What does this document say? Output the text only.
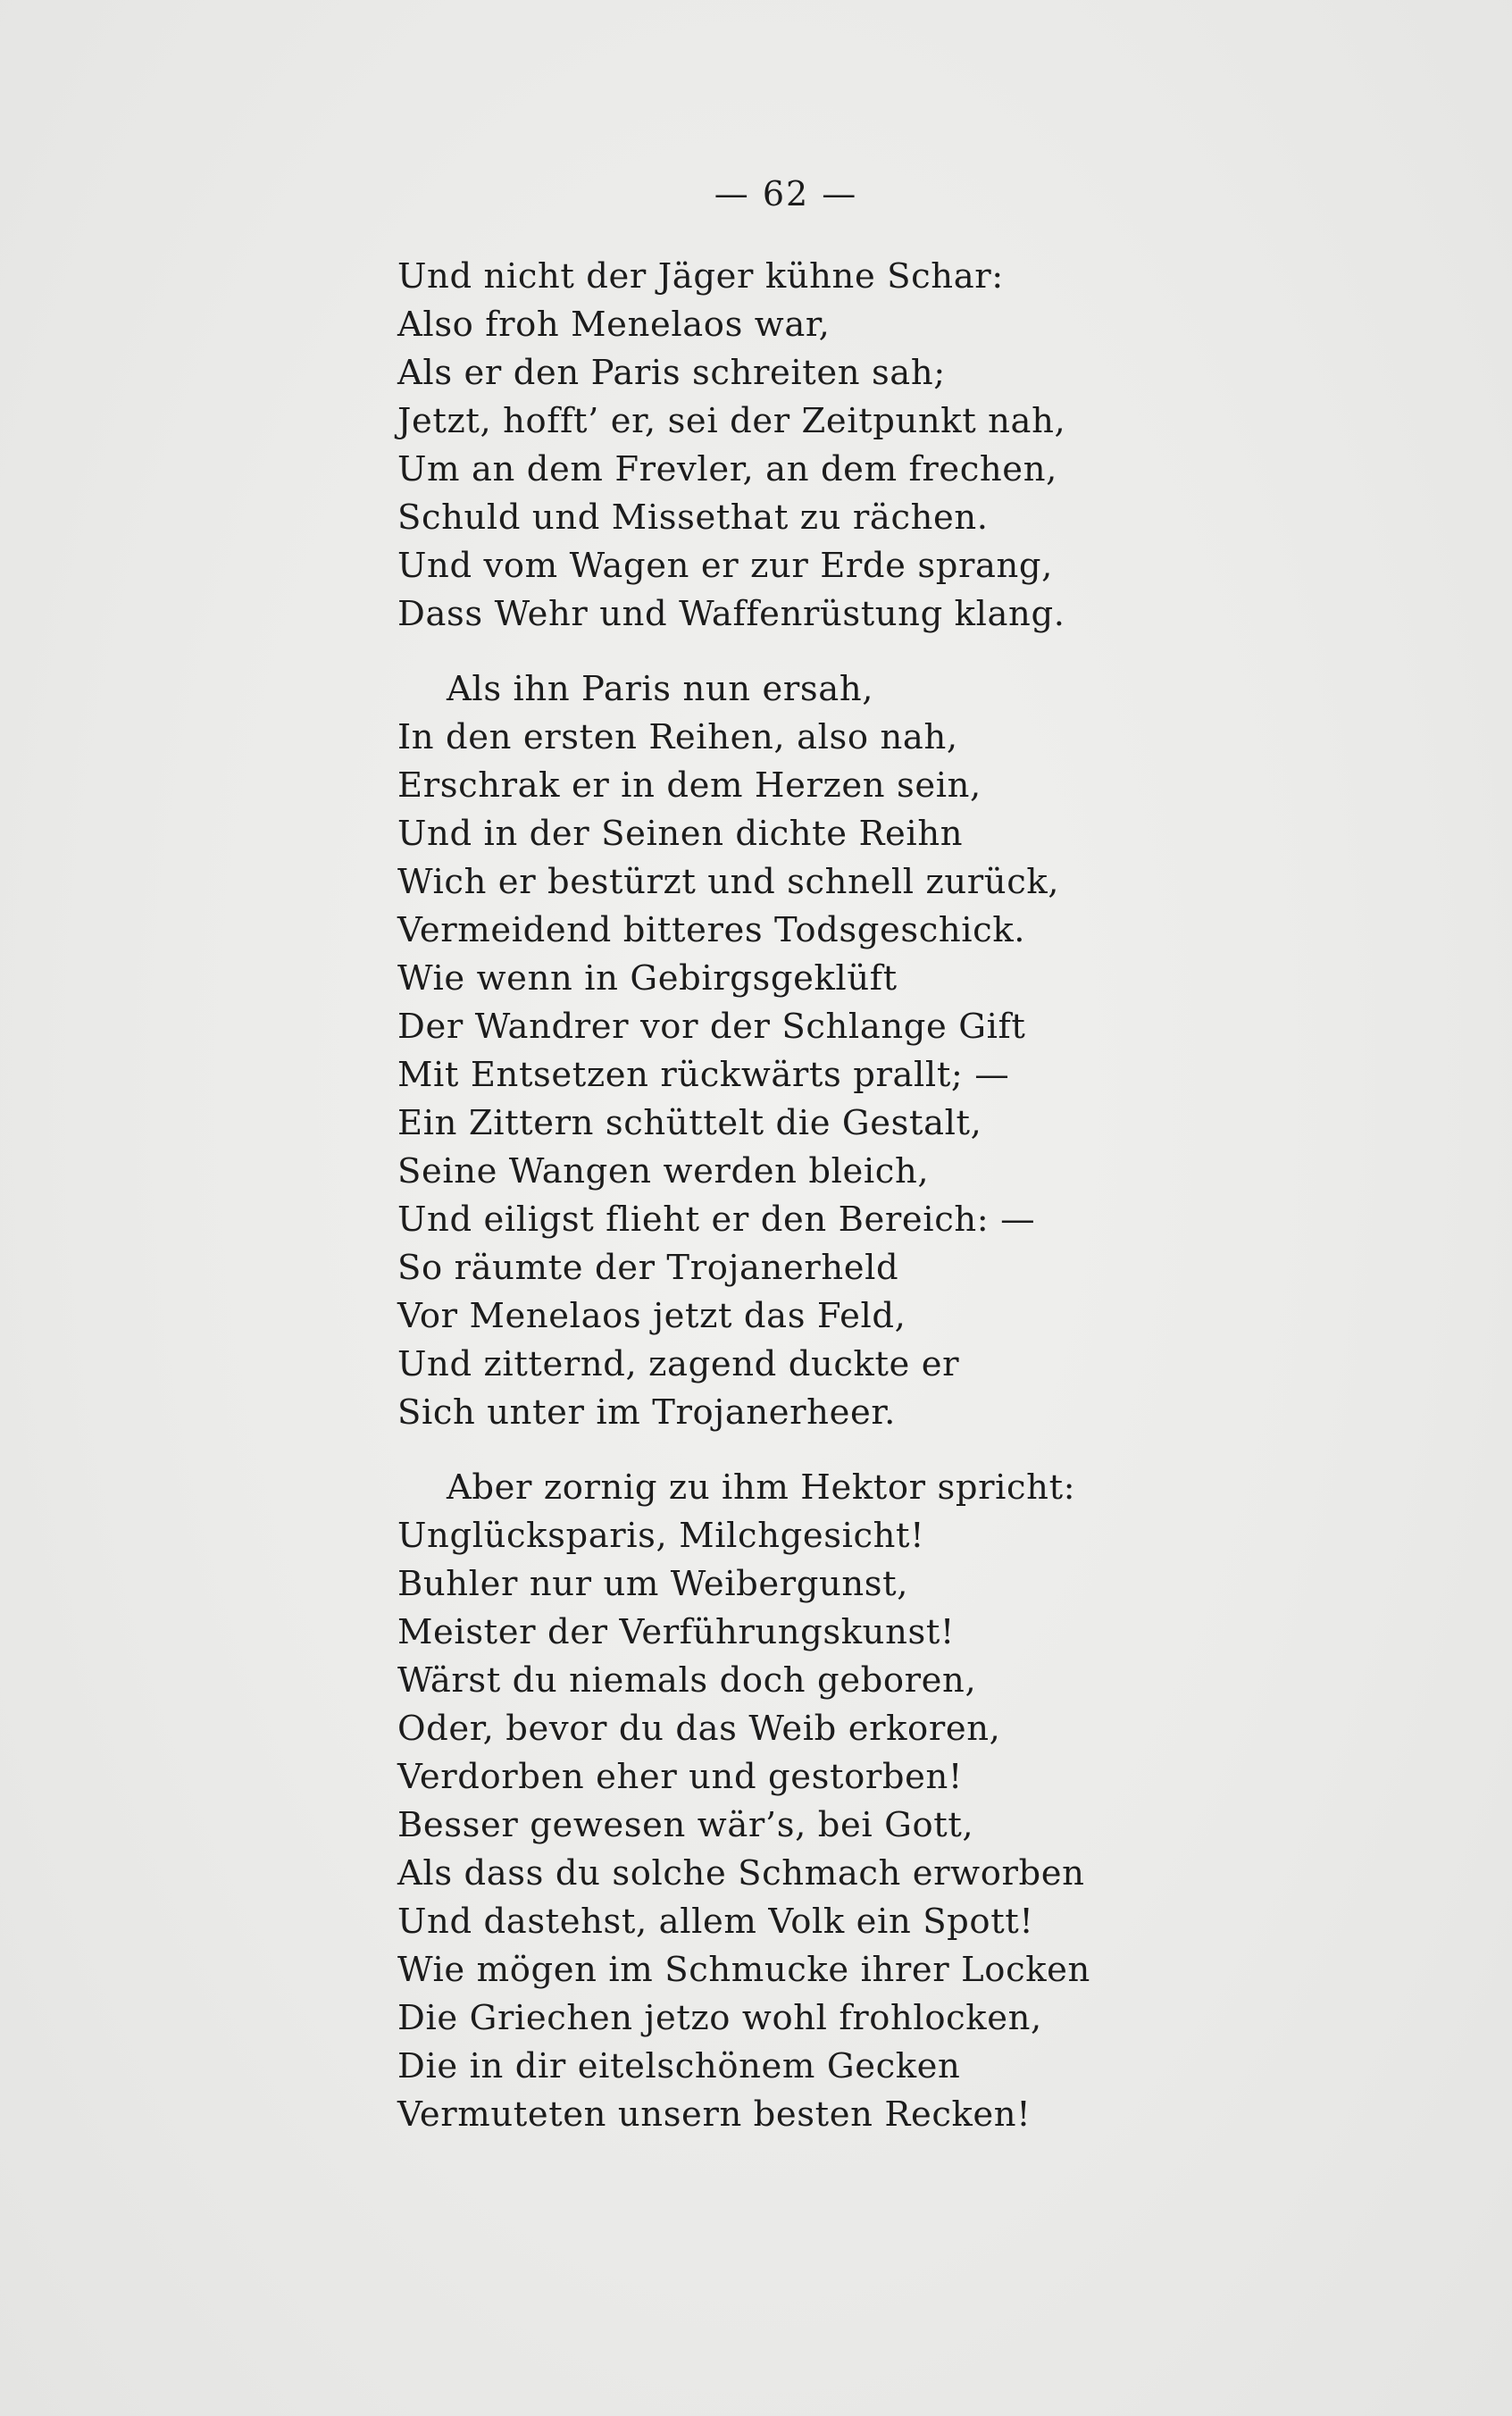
— 62 —
Und nicht der Jäger kühne Schar:
Also froh Menelaos war,
Als er den Paris schreiten sah;
Jetzt, hofft’ er, sei der Zeitpunkt nah,
Um an dem Frevler, an dem frechen,
Schuld und Missethat zu rächen.
Und vom Wagen er zur Erde sprang,
Dass Wehr und Waffenrüstung klang.
Als ihn Paris nun ersah,
In den ersten Reihen, also nah,
Erschrak er in dem Herzen sein,
Und in der Seinen dichte Reihn
Wich er bestürzt und schnell zurück,
Vermeidend bitteres Todsgeschick.
Wie wenn in Gebirgsgeklüft
Der Wandrer vor der Schlange Gift
Mit Entsetzen rückwärts prallt; —
Ein Zittern schüttelt die Gestalt,
Seine Wangen werden bleich,
Und eiligst flieht er den Bereich: —
So räumte der Trojanerheld
Vor Menelaos jetzt das Feld,
Und zitternd, zagend duckte er
Sich unter im Trojanerheer.
Aber zornig zu ihm Hektor spricht:
Unglücksparis, Milchgesicht!
Buhler nur um Weibergunst,
Meister der Verführungskunst!
Wärst du niemals doch geboren,
Oder, bevor du das Weib erkoren,
Verdorben eher und gestorben!
Besser gewesen wär’s, bei Gott,
Als dass du solche Schmach erworben
Und dastehst, allem Volk ein Spott!
Wie mögen im Schmucke ihrer Locken
Die Griechen jetzo wohl frohlocken,
Die in dir eitelschönem Gecken
Vermuteten unsern besten Recken!
